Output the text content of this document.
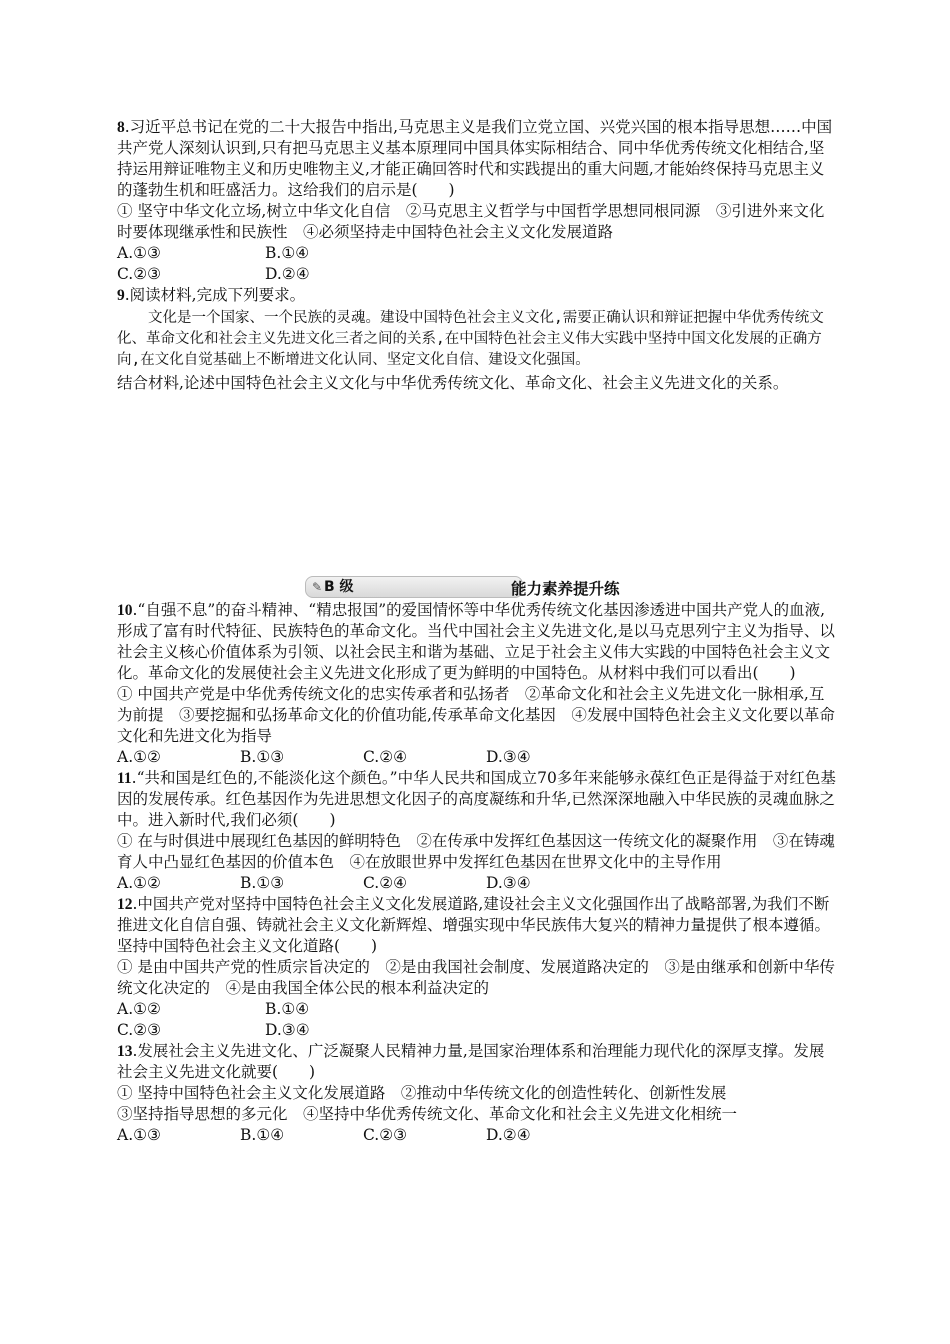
8.习近平总书记在党的二十大报告中指出,马克思主义是我们立党立国、兴党兴国的根本指导思想……中国共产党人深刻认识到,只有把马克思主义基本原理同中国具体实际相结合、同中华优秀传统文化相结合,坚持运用辩证唯物主义和历史唯物主义,才能正确回答时代和实践提出的重大问题,才能始终保持马克思主义的蓬勃生机和旺盛活力。这给我们的启示是(　　)

① 坚守中华文化立场,树立中华文化自信　②马克思主义哲学与中国哲学思想同根同源　③引进外来文化时要体现继承性和民族性　④必须坚持走中国特色社会主义文化发展道路

A.①③	B.①④
C.②③	D.②④

9.阅读材料,完成下列要求。

文化是一个国家、一个民族的灵魂。建设中国特色社会主义文化,需要正确认识和辩证把握中华优秀传统文化、革命文化和社会主义先进文化三者之间的关系,在中国特色社会主义伟大实践中坚持中国文化发展的正确方向,在文化自觉基础上不断增进文化认同、坚定文化自信、建设文化强国。

结合材料,论述中国特色社会主义文化与中华优秀传统文化、革命文化、社会主义先进文化的关系。

✎ B 级	能力素养提升练

10.“自强不息”的奋斗精神、“精忠报国”的爱国情怀等中华优秀传统文化基因渗透进中国共产党人的血液,形成了富有时代特征、民族特色的革命文化。当代中国社会主义先进文化,是以马克思列宁主义为指导、以社会主义核心价值体系为引领、以社会民主和谐为基础、立足于社会主义伟大实践的中国特色社会主义文化。革命文化的发展使社会主义先进文化形成了更为鲜明的中国特色。从材料中我们可以看出(　　)

① 中国共产党是中华优秀传统文化的忠实传承者和弘扬者　②革命文化和社会主义先进文化一脉相承,互为前提　③要挖掘和弘扬革命文化的价值功能,传承革命文化基因　④发展中国特色社会主义文化要以革命文化和先进文化为指导

A.①②	B.①③	C.②④	D.③④

11.“共和国是红色的,不能淡化这个颜色。”中华人民共和国成立70多年来能够永葆红色正是得益于对红色基因的发展传承。红色基因作为先进思想文化因子的高度凝练和升华,已然深深地融入中华民族的灵魂血脉之中。进入新时代,我们必须(　　)

① 在与时俱进中展现红色基因的鲜明特色　②在传承中发挥红色基因这一传统文化的凝聚作用　③在铸魂育人中凸显红色基因的价值本色　④在放眼世界中发挥红色基因在世界文化中的主导作用

A.①②	B.①③	C.②④	D.③④

12.中国共产党对坚持中国特色社会主义文化发展道路,建设社会主义文化强国作出了战略部署,为我们不断推进文化自信自强、铸就社会主义文化新辉煌、增强实现中华民族伟大复兴的精神力量提供了根本遵循。坚持中国特色社会主义文化道路(　　)

① 是由中国共产党的性质宗旨决定的　②是由我国社会制度、发展道路决定的　③是由继承和创新中华传统文化决定的　④是由我国全体公民的根本利益决定的

A.①②	B.①④
C.②③	D.③④

13.发展社会主义先进文化、广泛凝聚人民精神力量,是国家治理体系和治理能力现代化的深厚支撑。发展社会主义先进文化就要(　　)

① 坚持中国特色社会主义文化发展道路　②推动中华传统文化的创造性转化、创新性发展

③坚持指导思想的多元化　④坚持中华优秀传统文化、革命文化和社会主义先进文化相统一

A.①③	B.①④	C.②③	D.②④
